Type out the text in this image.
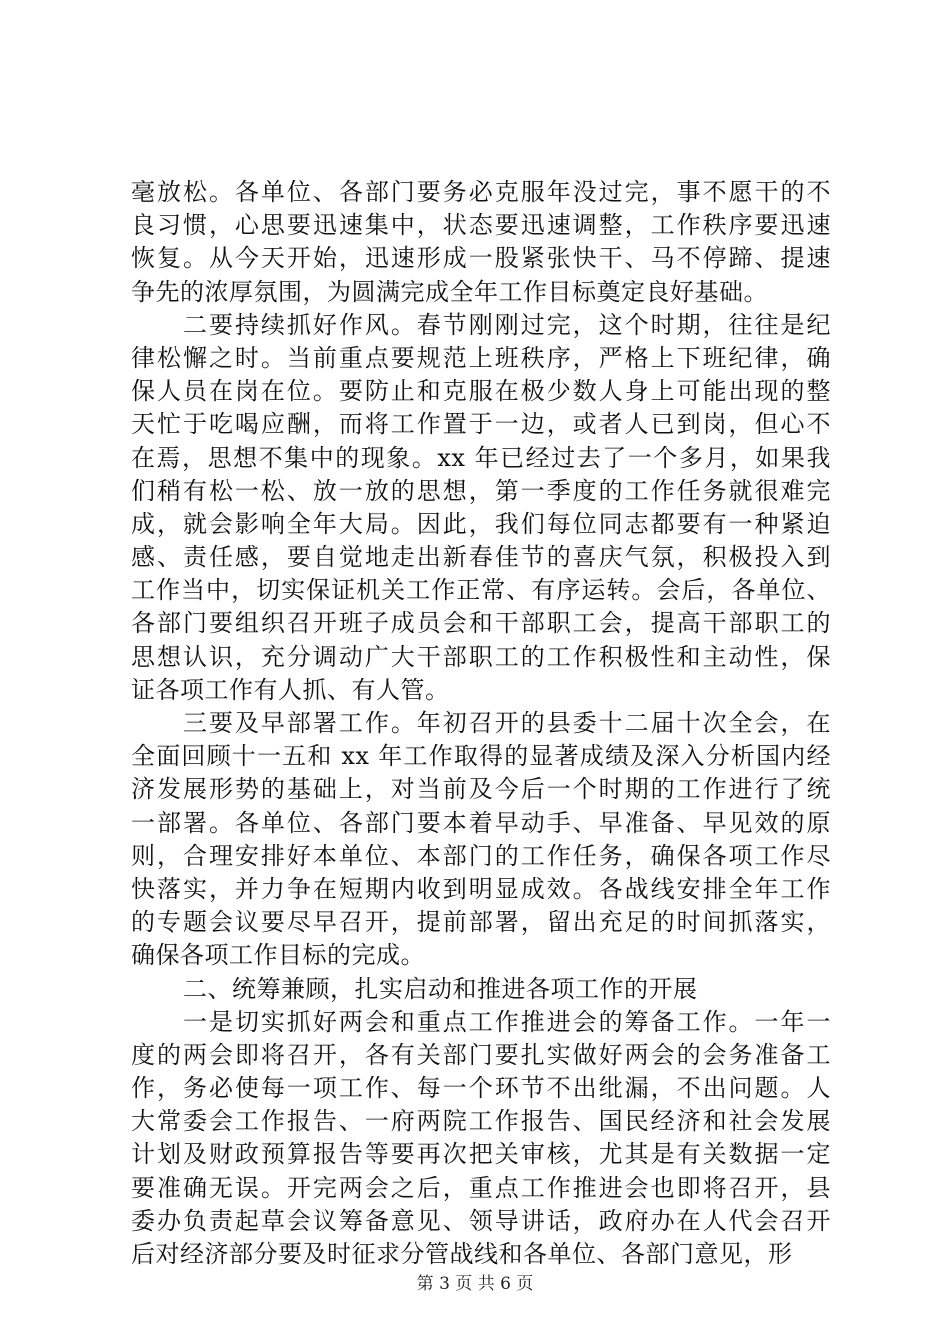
毫放松。各单位、各部门要务必克服年没过完，事不愿干的不
良习惯，心思要迅速集中，状态要迅速调整，工作秩序要迅速
恢复。从今天开始，迅速形成一股紧张快干、马不停蹄、提速
争先的浓厚氛围，为圆满完成全年工作目标奠定良好基础。
二要持续抓好作风。春节刚刚过完，这个时期，往往是纪
律松懈之时。当前重点要规范上班秩序，严格上下班纪律，确
保人员在岗在位。要防止和克服在极少数人身上可能出现的整
天忙于吃喝应酬，而将工作置于一边，或者人已到岗，但心不
在焉，思想不集中的现象。xx 年已经过去了一个多月，如果我
们稍有松一松、放一放的思想，第一季度的工作任务就很难完
成，就会影响全年大局。因此，我们每位同志都要有一种紧迫
感、责任感，要自觉地走出新春佳节的喜庆气氛，积极投入到
工作当中，切实保证机关工作正常、有序运转。会后，各单位、
各部门要组织召开班子成员会和干部职工会，提高干部职工的
思想认识，充分调动广大干部职工的工作积极性和主动性，保
证各项工作有人抓、有人管。
三要及早部署工作。年初召开的县委十二届十次全会，在
全面回顾十一五和 xx 年工作取得的显著成绩及深入分析国内经
济发展形势的基础上，对当前及今后一个时期的工作进行了统
一部署。各单位、各部门要本着早动手、早准备、早见效的原
则，合理安排好本单位、本部门的工作任务，确保各项工作尽
快落实，并力争在短期内收到明显成效。各战线安排全年工作
的专题会议要尽早召开，提前部署，留出充足的时间抓落实，
确保各项工作目标的完成。
二、统筹兼顾，扎实启动和推进各项工作的开展
一是切实抓好两会和重点工作推进会的筹备工作。一年一
度的两会即将召开，各有关部门要扎实做好两会的会务准备工
作，务必使每一项工作、每一个环节不出纰漏，不出问题。人
大常委会工作报告、一府两院工作报告、国民经济和社会发展
计划及财政预算报告等要再次把关审核，尤其是有关数据一定
要准确无误。开完两会之后，重点工作推进会也即将召开，县
委办负责起草会议筹备意见、领导讲话，政府办在人代会召开
后对经济部分要及时征求分管战线和各单位、各部门意见，形
第 3 页 共 6 页
